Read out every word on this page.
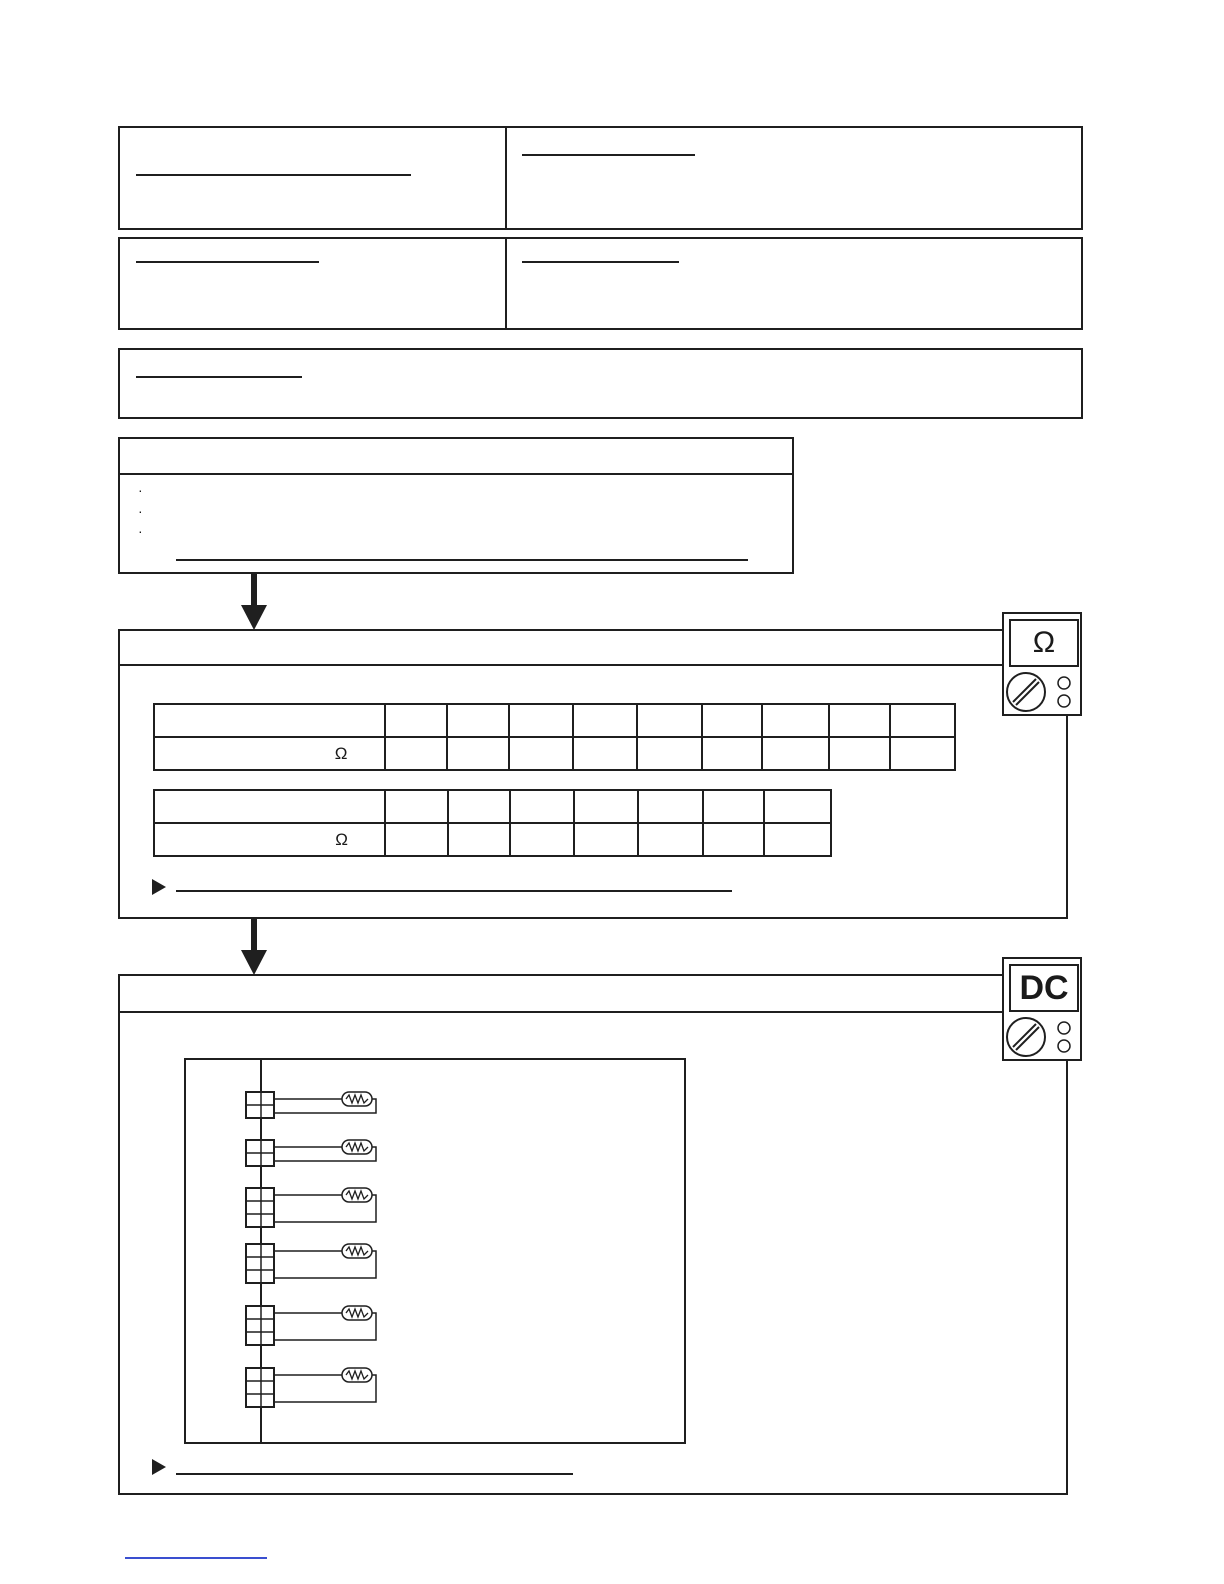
·
·
·

Ω									

Ω							
Ω
DC
